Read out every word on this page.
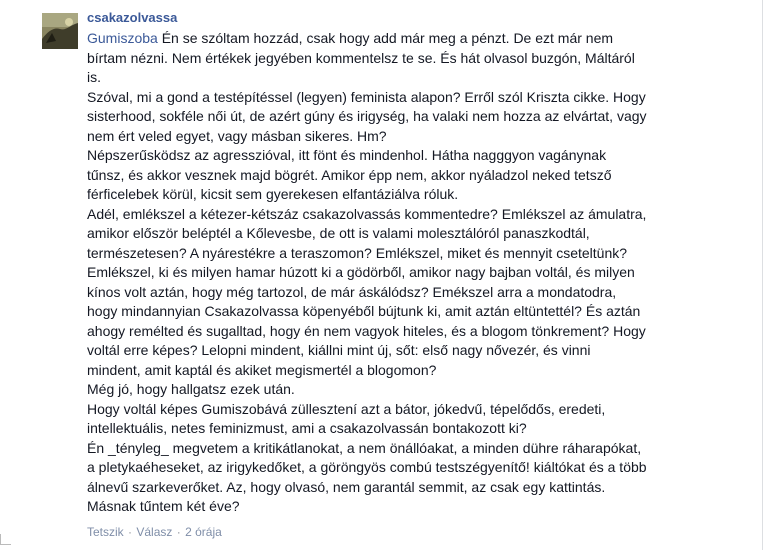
csakazolvassa

Gumiszoba Én se szóltam hozzád, csak hogy add már meg a pénzt. De ezt már nem bírtam nézni. Nem értékek jegyében kommentelsz te se. És hát olvasol buzgón, Máltáról is.

Szóval, mi a gond a testépítéssel (legyen) feminista alapon? Erről szól Kriszta cikke. Hogy sisterhood, sokféle női út, de azért gúny és irigység, ha valaki nem hozza az elvártat, vagy nem ért veled egyet, vagy másban sikeres. Hm?

Népszerűsködsz az agresszióval, itt fönt és mindenhol. Hátha nagggyon vagánynak tűnsz, és akkor vesznek majd bögrét. Amikor épp nem, akkor nyáladzol neked tetsző férficelebek körül, kicsit sem gyerekesen elfantáziálva róluk.

Adél, emlékszel a kétezer-kétszáz csakazolvassás kommentedre? Emlékszel az ámulatra, amikor először beléptél a Kőlevesbe, de ott is valami molesztálóról panaszkodtál, természetesen? A nyárestékre a teraszomon? Emlékszel, miket és mennyit cseteltünk? Emlékszel, ki és milyen hamar húzott ki a gödörből, amikor nagy bajban voltál, és milyen kínos volt aztán, hogy még tartozol, de már áskálódsz? Emékszel arra a mondatodra, hogy mindannyian Csakazolvassa köpenyéből bújtunk ki, amit aztán eltüntettél? És aztán ahogy remélted és sugalltad, hogy én nem vagyok hiteles, és a blogom tönkrement? Hogy voltál erre képes? Lelopni mindent, kiállni mint új, sőt: első nagy nővezér, és vinni mindent, amit kaptál és akiket megismertél a blogomon?

Még jó, hogy hallgatsz ezek után.

Hogy voltál képes Gumiszobává züllesztení azt a bátor, jókedvű, tépelődős, eredeti, intellektuális, netes feminizmust, ami a csakazolvassán bontakozott ki?

Én _tényleg_ megvetem a kritikátlanokat, a nem önállóakat, a minden dühre ráharapókat, a pletykaéheseket, az irigykedőket, a göröngyös combú testszégyenítő! kiáltókat és a több álnevű szarkeverőket. Az, hogy olvasó, nem garantál semmit, az csak egy kattintás. Másnak tűntem két éve?

Tetszik · Válasz · 2 órája
